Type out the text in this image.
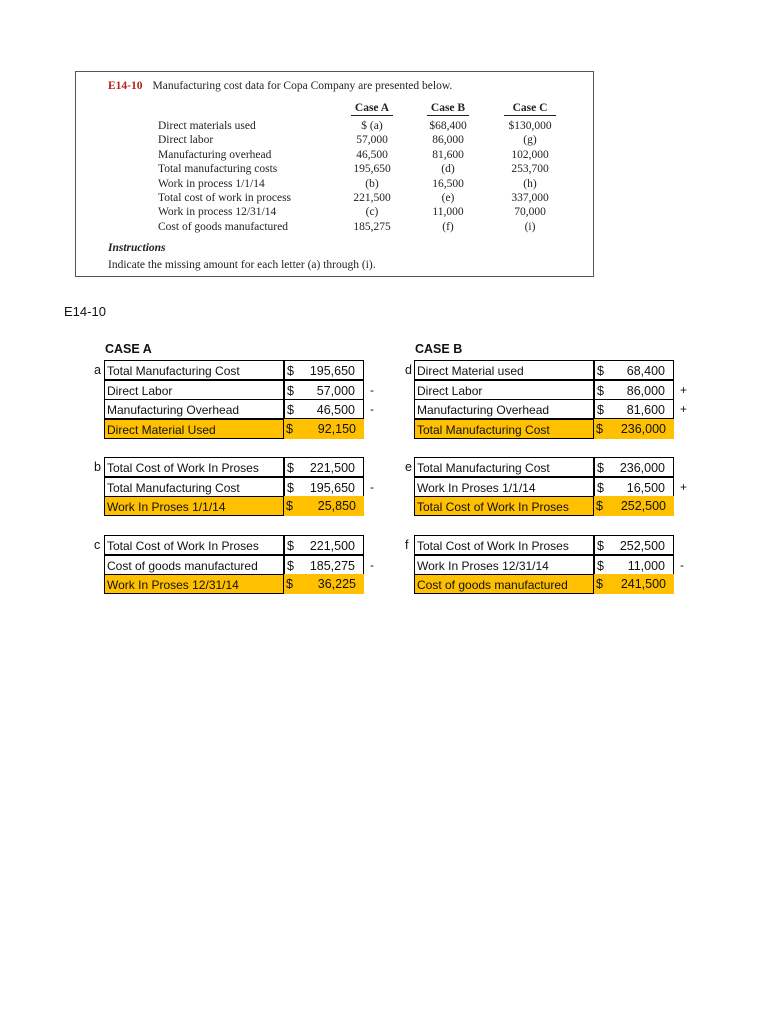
E14-10 Manufacturing cost data for Copa Company are presented below.
Case A	Case B	Case C
Direct materials used	$ (a)	$68,400	$130,000
Direct labor	57,000	86,000	(g)
Manufacturing overhead	46,500	81,600	102,000
Total manufacturing costs	195,650	(d)	253,700
Work in process 1/1/14	(b)	16,500	(h)
Total cost of work in process	221,500	(e)	337,000
Work in process 12/31/14	(c)	11,000	70,000
Cost of goods manufactured	185,275	(f)	(i)
Instructions
Indicate the missing amount for each letter (a) through (i).
E14-10
CASE A	CASE B
a Total Manufacturing Cost	$ 195,650
Direct Labor	$ 57,000 -
Manufacturing Overhead	$ 46,500 -
Direct Material Used	$ 92,150
b Total Cost of Work In Proses	$ 221,500
Total Manufacturing Cost	$ 195,650 -
Work In Proses 1/1/14	$ 25,850
c Total Cost of Work In Proses	$ 221,500
Cost of goods manufactured	$ 185,275 -
Work In Proses 12/31/14	$ 36,225
d Direct Material used	$ 68,400
Direct Labor	$ 86,000 +
Manufacturing Overhead	$ 81,600 +
Total Manufacturing Cost	$ 236,000
e Total Manufacturing Cost	$ 236,000
Work In Proses 1/1/14	$ 16,500 +
Total Cost of Work In Proses	$ 252,500
f Total Cost of Work In Proses	$ 252,500
Work In Proses 12/31/14	$ 11,000 -
Cost of goods manufactured	$ 241,500
